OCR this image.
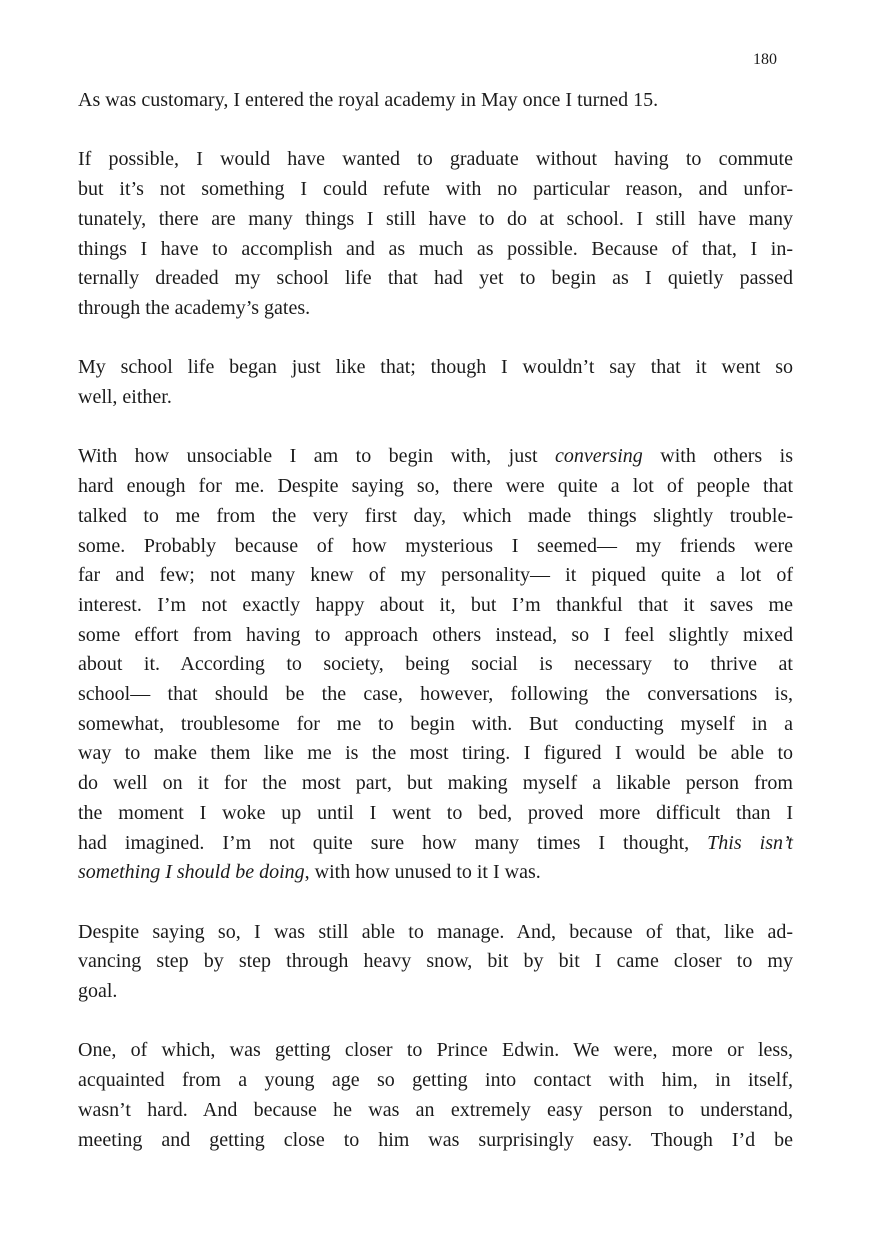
180
As was customary, I entered the royal academy in May once I turned 15.
If possible, I would have wanted to graduate without having to commute
but it’s not something I could refute with no particular reason, and unfor-
tunately, there are many things I still have to do at school. I still have many
things I have to accomplish and as much as possible. Because of that, I in-
ternally dreaded my school life that had yet to begin as I quietly passed
through the academy’s gates.
My school life began just like that; though I wouldn’t say that it went so
well, either.
With how unsociable I am to begin with, just conversing with others is
hard enough for me. Despite saying so, there were quite a lot of people that
talked to me from the very first day, which made things slightly trouble-
some. Probably because of how mysterious I seemed— my friends were
far and few; not many knew of my personality— it piqued quite a lot of
interest. I’m not exactly happy about it, but I’m thankful that it saves me
some effort from having to approach others instead, so I feel slightly mixed
about it. According to society, being social is necessary to thrive at
school— that should be the case, however, following the conversations is,
somewhat, troublesome for me to begin with. But conducting myself in a
way to make them like me is the most tiring. I figured I would be able to
do well on it for the most part, but making myself a likable person from
the moment I woke up until I went to bed, proved more difficult than I
had imagined. I’m not quite sure how many times I thought, This isn’t
something I should be doing, with how unused to it I was.
Despite saying so, I was still able to manage. And, because of that, like ad-
vancing step by step through heavy snow, bit by bit I came closer to my
goal.
One, of which, was getting closer to Prince Edwin. We were, more or less,
acquainted from a young age so getting into contact with him, in itself,
wasn’t hard. And because he was an extremely easy person to understand,
meeting and getting close to him was surprisingly easy. Though I’d be
